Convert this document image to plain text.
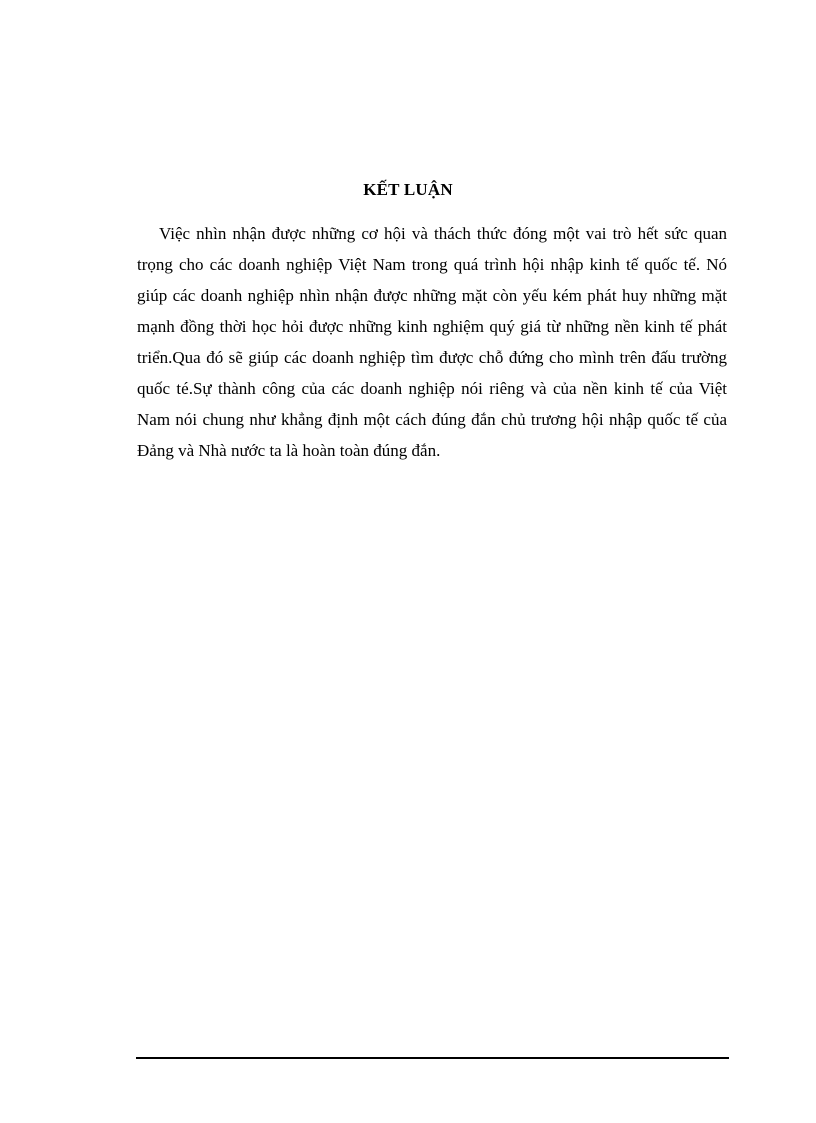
KẾT LUẬN

Việc nhìn nhận được những cơ hội và thách thức đóng một vai trò hết sức quan trọng cho các doanh nghiệp Việt Nam trong quá trình hội nhập kinh tế quốc tế. Nó giúp các doanh nghiệp nhìn nhận được những mặt còn yếu kém phát huy những mặt mạnh đồng thời học hỏi được những kinh nghiệm quý giá từ những nền kinh tế phát triển.Qua đó sẽ giúp các doanh nghiệp tìm được chỗ đứng cho mình trên đấu trường quốc té.Sự thành công của các doanh nghiệp nói riêng và của nền kinh tế của Việt Nam nói chung như khẳng định một cách đúng đắn chủ trương hội nhập quốc tế của Đảng và Nhà nước ta là hoàn toàn đúng đắn.
